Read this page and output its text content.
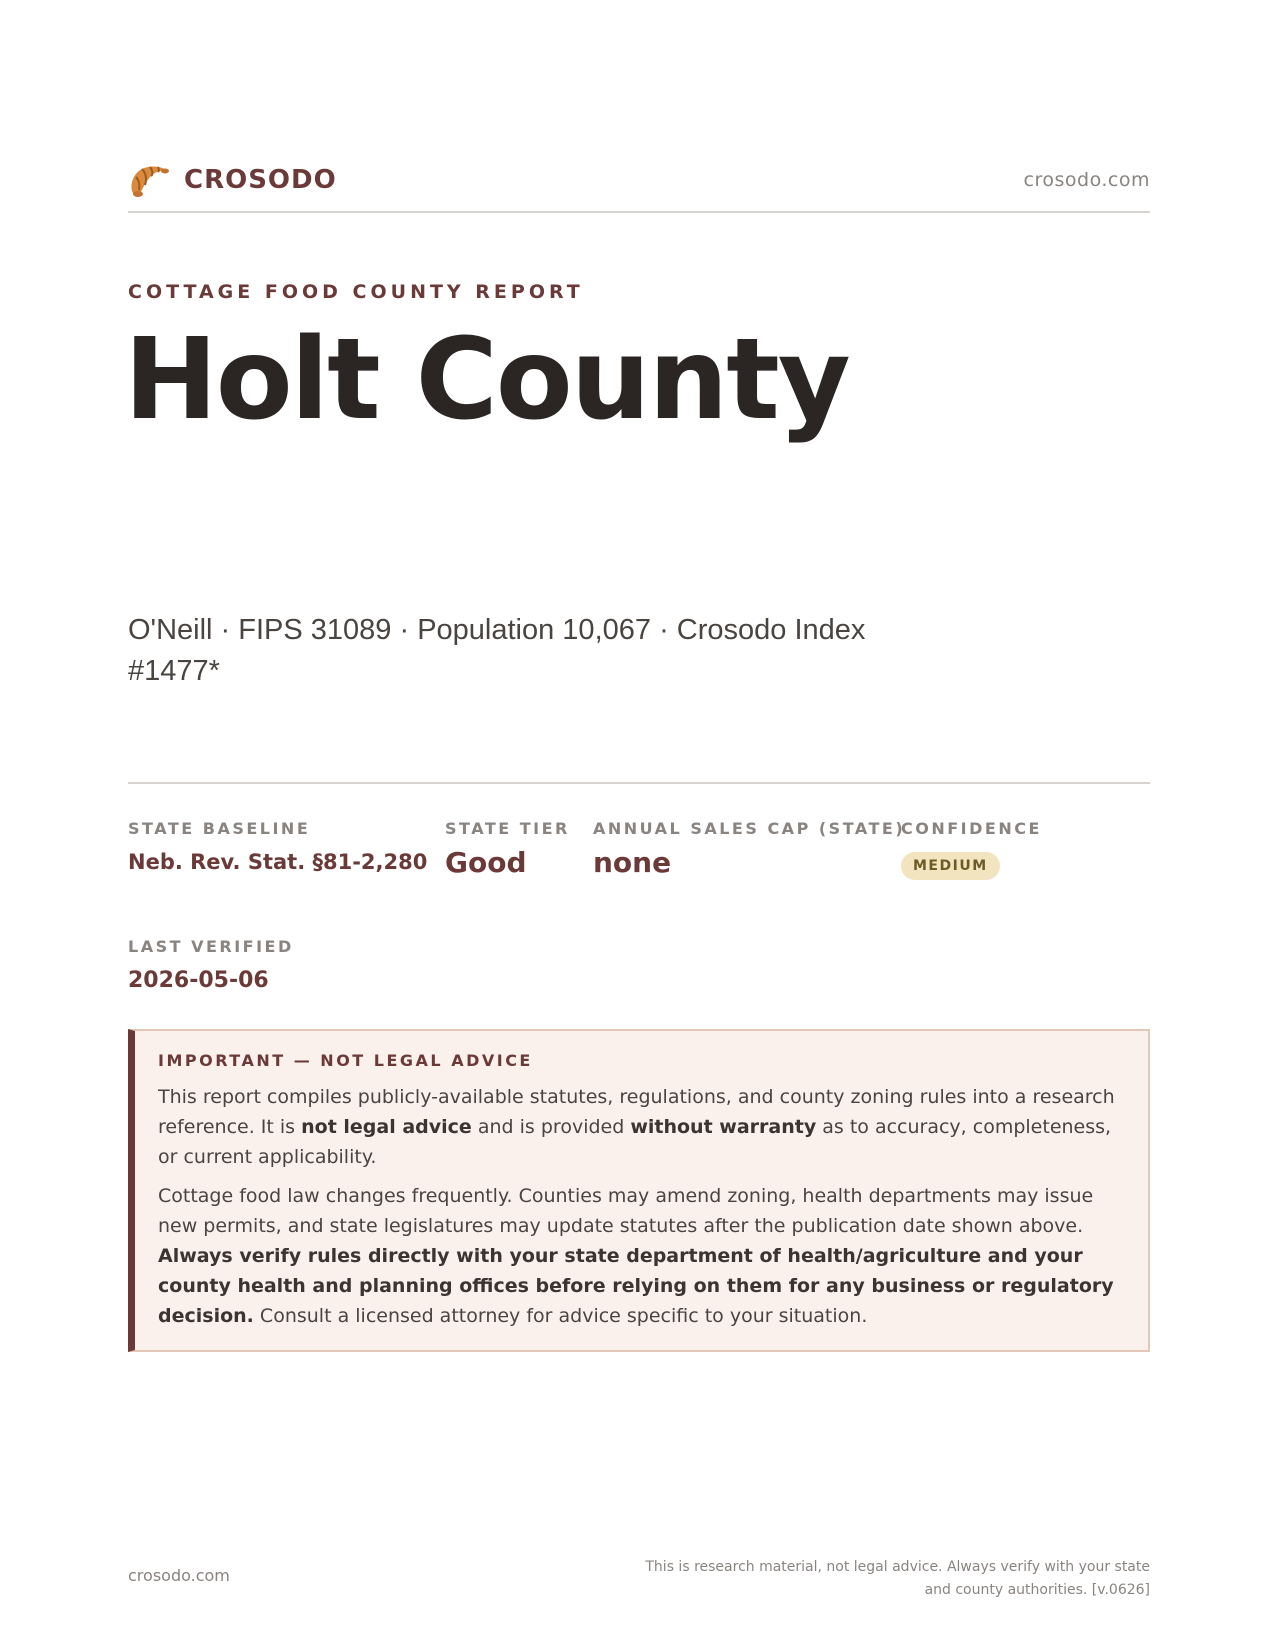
CROSODO	crosodo.com
COTTAGE FOOD COUNTY REPORT
Holt County
O'Neill · FIPS 31089 · Population 10,067 · Crosodo Index #1477*
STATE BASELINE
Neb. Rev. Stat. §81-2,280
STATE TIER
Good
ANNUAL SALES CAP (STATE)
none
CONFIDENCE
MEDIUM
LAST VERIFIED
2026-05-06
IMPORTANT — NOT LEGAL ADVICE

This report compiles publicly-available statutes, regulations, and county zoning rules into a research reference. It is not legal advice and is provided without warranty as to accuracy, completeness, or current applicability.

Cottage food law changes frequently. Counties may amend zoning, health departments may issue new permits, and state legislatures may update statutes after the publication date shown above. Always verify rules directly with your state department of health/agriculture and your county health and planning offices before relying on them for any business or regulatory decision. Consult a licensed attorney for advice specific to your situation.

crosodo.com	This is research material, not legal advice. Always verify with your state
and county authorities. [v.0626]
